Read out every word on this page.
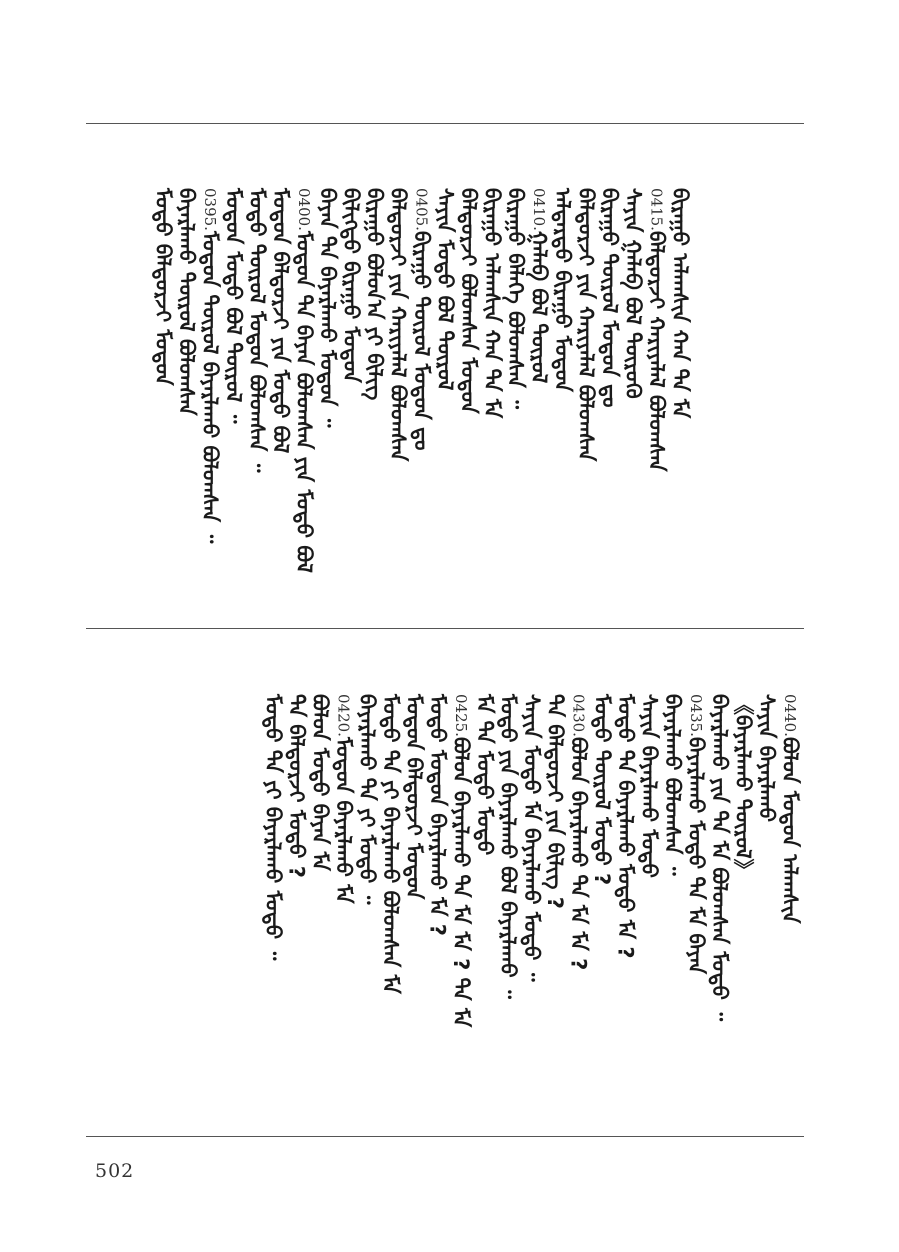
ᠪᠢᠷᠠᠭᠤ ᠠᠯᠠᠭᠰᠢᠨ ᠬᠠᠨ ᠲᠠ ᠮᠠ
0415.ᠪᠠᠯᠳᠣᠷᠵᠢ ᠬᠠᠷᠢᠶᠠᠯᠠᠯ ᠪᠣᠯᠣᠭᠰᠠᠨ
ᠰᠠᠶᠢᠨ ᠭᠠᠯᠠᠪ ᠪᠣᠯ ᠲᠦᠷᠦᠬᠦ
ᠪᠢᠷᠠᠭᠤ ᠲᠥᠷᠥᠯ ᠮᠣᠳᠣᠨ ᠳᠤ
ᠪᠠᠯᠳᠣᠷᠵᠢ ᠶᠢᠨ ᠬᠠᠷᠢᠶᠠᠯᠠᠯ ᠪᠣᠯᠣᠭᠰᠠᠨ
ᠠᠯᠳᠠᠷᠲᠤ ᠪᠢᠷᠠᠭᠤ ᠮᠣᠳᠣᠨ
0410.ᠭᠠᠯᠠᠪ ᠪᠣᠯ ᠲᠥᠷᠥᠯ
ᠪᠢᠷᠠᠭᠤ ᠪᠡᠯᠡᠭᠡ ᠪᠣᠯᠣᠭᠰᠠᠨ ᠃
ᠪᠢᠷᠠᠭᠤ ᠠᠯᠠᠭᠰᠢᠨ ᠬᠠᠨ ᠲᠠ ᠮᠠ
ᠪᠠᠯᠳᠣᠷᠵᠢ ᠪᠣᠯᠣᠭᠰᠠᠨ ᠮᠣᠳᠣᠨ
ᠰᠠᠶᠢᠨ ᠮᠣᠳᠣ ᠪᠣᠯ ᠲᠥᠷᠥᠯ
0405.ᠪᠢᠷᠠᠭᠤ ᠲᠥᠷᠥᠯ ᠮᠣᠳᠣᠨ ᠳᠤ
ᠪᠠᠯᠳᠣᠷᠵᠢ ᠶᠢᠨ ᠬᠠᠷᠢᠶᠠᠯᠠᠯ ᠪᠣᠯᠣᠭᠰᠠᠨ
ᠪᠢᠷᠠᠭᠤ ᠪᠣᠯᠣᠨ᠎ᠠ ᠶᠢ ᠪᠢᠯᠢᠭ
ᠪᠢᠯᠢᠭᠲᠦ ᠪᠢᠷᠠᠭᠤ ᠮᠣᠳᠣᠨ
ᠪᠠᠶᠠᠨ ᠲᠠ ᠪᠠᠶᠠᠷᠯᠠᠬᠤ ᠮᠣᠳᠣᠨ ᠃
0400.ᠮᠣᠳᠣᠨ ᠲᠠ ᠪᠠᠶᠠᠨ ᠪᠣᠯᠣᠭᠰᠠᠨ ᠶᠢᠨ ᠮᠣᠳᠣ ᠪᠣᠯ
ᠮᠣᠳᠣᠨ ᠪᠠᠯᠳᠣᠷᠵᠢ ᠶᠢᠨ ᠮᠣᠳᠣ ᠪᠣᠯ
ᠮᠣᠳᠣ ᠲᠥᠷᠥᠯ ᠮᠣᠳᠣᠨ ᠪᠣᠯᠣᠭᠰᠠᠨ ᠃
ᠮᠣᠳᠣᠨ ᠮᠣᠳᠣ ᠪᠣᠯ ᠲᠥᠷᠥᠯ ᠃
0395.ᠮᠣᠳᠣᠨ ᠲᠥᠷᠥᠯ ᠪᠠᠶᠠᠷᠯᠠᠬᠤ ᠪᠣᠯᠣᠭᠰᠠᠨ ᠃
ᠪᠠᠶᠠᠷᠯᠠᠬᠤ ᠲᠥᠷᠥᠯ ᠪᠣᠯᠣᠭᠰᠠᠨ
ᠮᠣᠳᠣ ᠪᠠᠯᠳᠣᠷᠵᠢ ᠮᠣᠳᠣᠨ
0440.ᠪᠣᠯᠣᠨ ᠮᠣᠳᠣᠨ ᠠᠯᠠᠭᠰᠢᠨ
ᠰᠠᠶᠢᠨ ᠪᠠᠶᠠᠷᠯᠠᠬᠤ
《ᠪᠠᠶᠠᠷᠯᠠᠬᠤ ᠲᠥᠷᠥᠯ》
ᠪᠠᠶᠠᠷᠯᠠᠬᠤ ᠶᠢᠨ ᠲᠠ ᠮᠠ ᠪᠣᠯᠣᠭᠰᠠᠨ ᠮᠣᠳᠣ ᠃
0435.ᠪᠠᠶᠠᠷᠯᠠᠬᠤ ᠮᠣᠳᠣ ᠲᠠ ᠮᠠ ᠪᠠᠶᠠᠨ
ᠪᠠᠶᠠᠷᠯᠠᠬᠤ ᠪᠣᠯᠣᠭᠰᠠᠨ ᠃
ᠰᠠᠶᠢᠨ ᠪᠠᠶᠠᠷᠯᠠᠬᠤ ᠮᠣᠳᠣ
ᠮᠣᠳᠣ ᠲᠠ ᠪᠠᠶᠠᠷᠯᠠᠬᠤ ᠮᠣᠳᠣ ᠮᠠ ?
ᠮᠣᠳᠣ ᠲᠥᠷᠥᠯ ᠮᠣᠳᠣ ?
0430.ᠪᠣᠯᠣᠨ ᠪᠠᠶᠠᠷᠯᠠᠬᠤ ᠲᠠ ᠮᠠ ᠮᠠ ?
ᠲᠠ ᠪᠠᠯᠳᠣᠷᠵᠢ ᠶᠢᠨ ᠪᠢᠯᠢᠭ ?
ᠰᠠᠶᠢᠨ ᠮᠣᠳᠣ ᠮᠠ ᠪᠠᠶᠠᠷᠯᠠᠬᠤ ᠮᠣᠳᠣ ᠃
ᠮᠣᠳᠣ ᠶᠢᠨ ᠪᠠᠶᠠᠷᠯᠠᠬᠤ ᠪᠣᠯ ᠪᠠᠶᠠᠷᠯᠠᠬᠤ ᠃
ᠮᠠ ᠲᠠ ᠮᠣᠳᠣ ᠮᠣᠳᠣ
0425.ᠪᠣᠯᠣᠨ ᠪᠠᠶᠠᠷᠯᠠᠬᠤ ᠲᠠ ᠮᠠ ᠮᠠ ? ᠲᠠ ᠮᠠ
ᠮᠣᠳᠣ ᠮᠣᠳᠣᠨ ᠪᠠᠶᠠᠷᠯᠠᠬᠤ ᠮᠠ ?
ᠮᠣᠳᠣᠨ ᠪᠠᠯᠳᠣᠷᠵᠢ ᠮᠣᠳᠣᠨ
ᠮᠣᠳᠣ ᠲᠠ ᠶᠢ ᠪᠠᠶᠠᠷᠯᠠᠬᠤ ᠪᠣᠯᠣᠭᠰᠠᠨ ᠮᠠ
ᠪᠠᠶᠠᠷᠯᠠᠬᠤ ᠲᠠ ᠶᠢ ᠮᠣᠳᠣ ᠃
0420.ᠮᠣᠳᠣᠨ ᠪᠠᠶᠠᠷᠯᠠᠬᠤ ᠮᠠ
ᠪᠣᠯᠣᠨ ᠮᠣᠳᠣ ᠪᠠᠶᠠᠨ ᠮᠠ
ᠲᠠ ᠪᠠᠯᠳᠣᠷᠵᠢ ᠮᠣᠳᠣ ?
ᠮᠣᠳᠣ ᠲᠠ ᠶᠢ ᠪᠠᠶᠠᠷᠯᠠᠬᠤ ᠮᠣᠳᠣ ᠃
502
